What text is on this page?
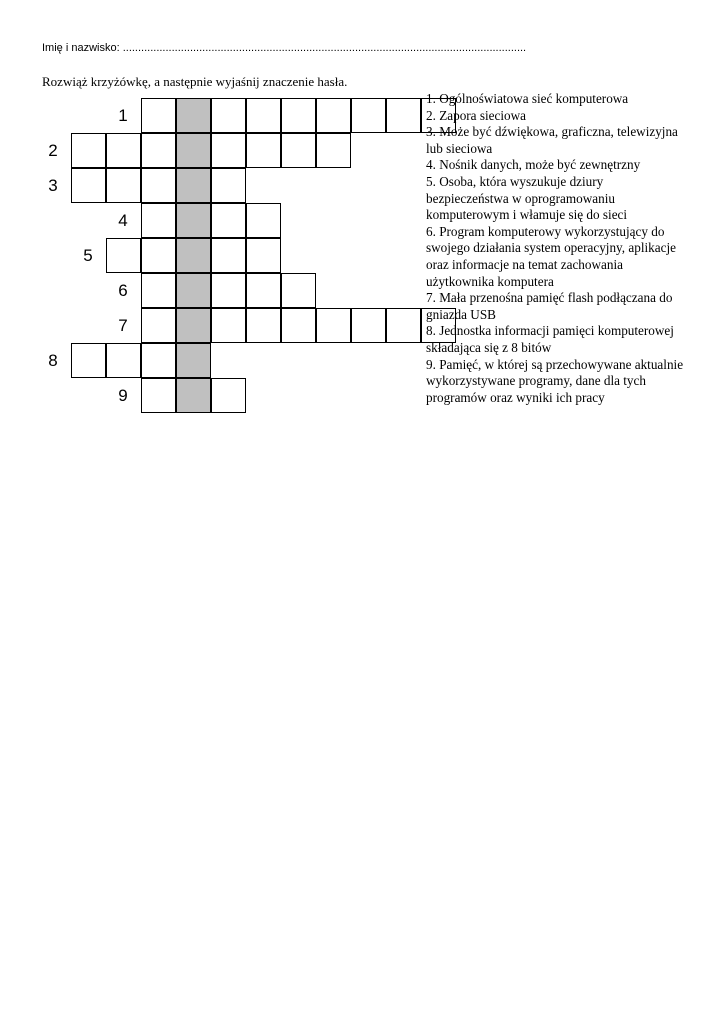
Imię i nazwisko: ....................................................................................................................................
Rozwiąż krzyżówkę, a następnie wyjaśnij znaczenie hasła.
1
2
3
4
5
6
7
8
9

1. Ogólnoświatowa sieć komputerowa

2. Zapora sieciowa

3. Może być dźwiękowa, graficzna, telewizyjna lub sieciowa

4. Nośnik danych, może być zewnętrzny

5. Osoba, która wyszukuje dziury bezpieczeństwa w oprogramowaniu komputerowym i włamuje się do sieci

6. Program komputerowy wykorzystujący do swojego działania system operacyjny, aplikacje oraz informacje na temat zachowania użytkownika komputera

7. Mała przenośna pamięć flash podłączana do gniazda USB

8. Jednostka informacji pamięci komputerowej składająca się z 8 bitów

9. Pamięć, w której są przechowywane aktualnie wykorzystywane programy, dane dla tych programów oraz wyniki ich pracy
